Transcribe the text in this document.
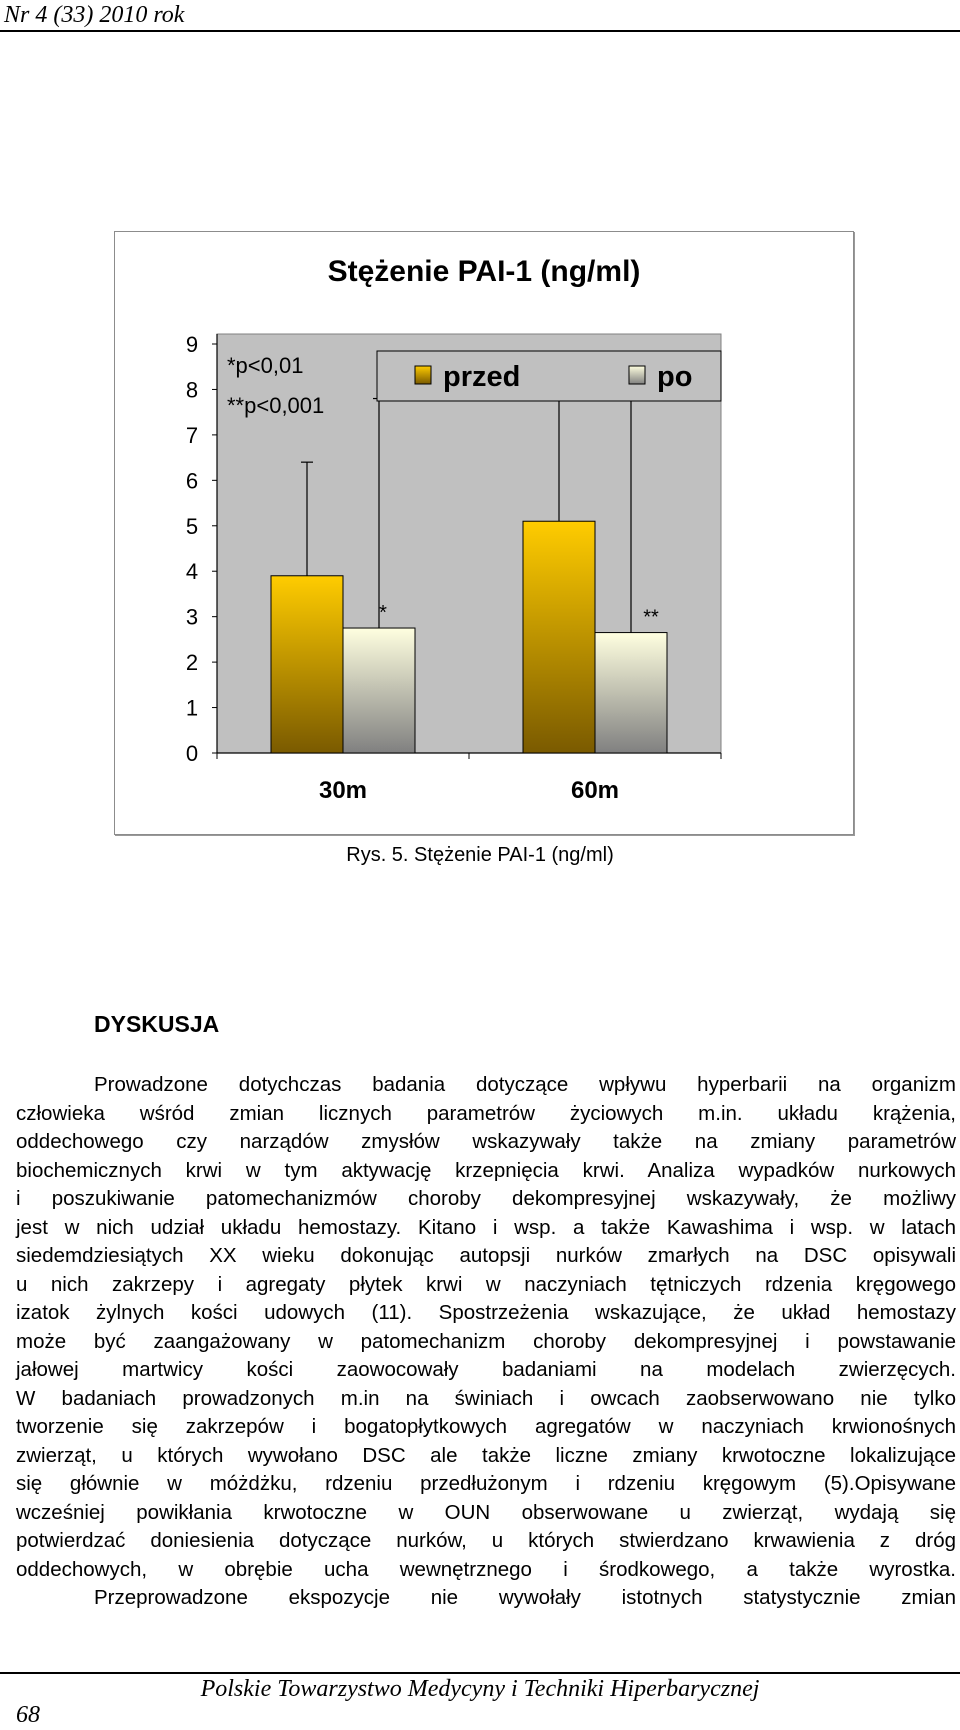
Nr 4 (33) 2010 rok
Stężenie PAI-1 (ng/ml)
0
1
2
3
4
5
6
7
8
9
*
30m
**
60m
*p<0,01
**p<0,001
przed	po
Rys. 5. Stężenie PAI-1 (ng/ml)
DYSKUSJA

Prowadzone dotychczas badania dotyczące wpływu hyperbarii na organizm

człowieka wśród zmian licznych parametrów życiowych m.in. układu krążenia,

oddechowego czy narządów zmysłów wskazywały także na zmiany parametrów

biochemicznych krwi w tym aktywację krzepnięcia krwi. Analiza wypadków nurkowych

i poszukiwanie patomechanizmów choroby dekompresyjnej wskazywały, że możliwy

jest w nich udział układu hemostazy. Kitano i wsp. a także Kawashima i wsp. w latach

siedemdziesiątych XX wieku dokonując autopsji nurków zmarłych na DSC opisywali

u nich zakrzepy i agregaty płytek krwi w naczyniach tętniczych rdzenia kręgowego

izatok żylnych kości udowych (11). Spostrzeżenia wskazujące, że układ hemostazy

może być zaangażowany w patomechanizm choroby dekompresyjnej i powstawanie

jałowej martwicy kości zaowocowały badaniami na modelach zwierzęcych.

W badaniach prowadzonych m.in na świniach i owcach zaobserwowano nie tylko

tworzenie się zakrzepów i bogatopłytkowych agregatów w naczyniach krwionośnych

zwierząt, u których wywołano DSC ale także liczne zmiany krwotoczne lokalizujące

się głównie w móżdżku, rdzeniu przedłużonym i rdzeniu kręgowym (5).Opisywane

wcześniej powikłania krwotoczne w OUN obserwowane u zwierząt, wydają się

potwierdzać doniesienia dotyczące nurków, u których stwierdzano krwawienia z dróg

oddechowych, w obrębie ucha wewnętrznego i środkowego, a także wyrostka.

Przeprowadzone ekspozycje nie wywołały istotnych statystycznie zmian

Polskie Towarzystwo Medycyny i Techniki Hiperbarycznej
68
